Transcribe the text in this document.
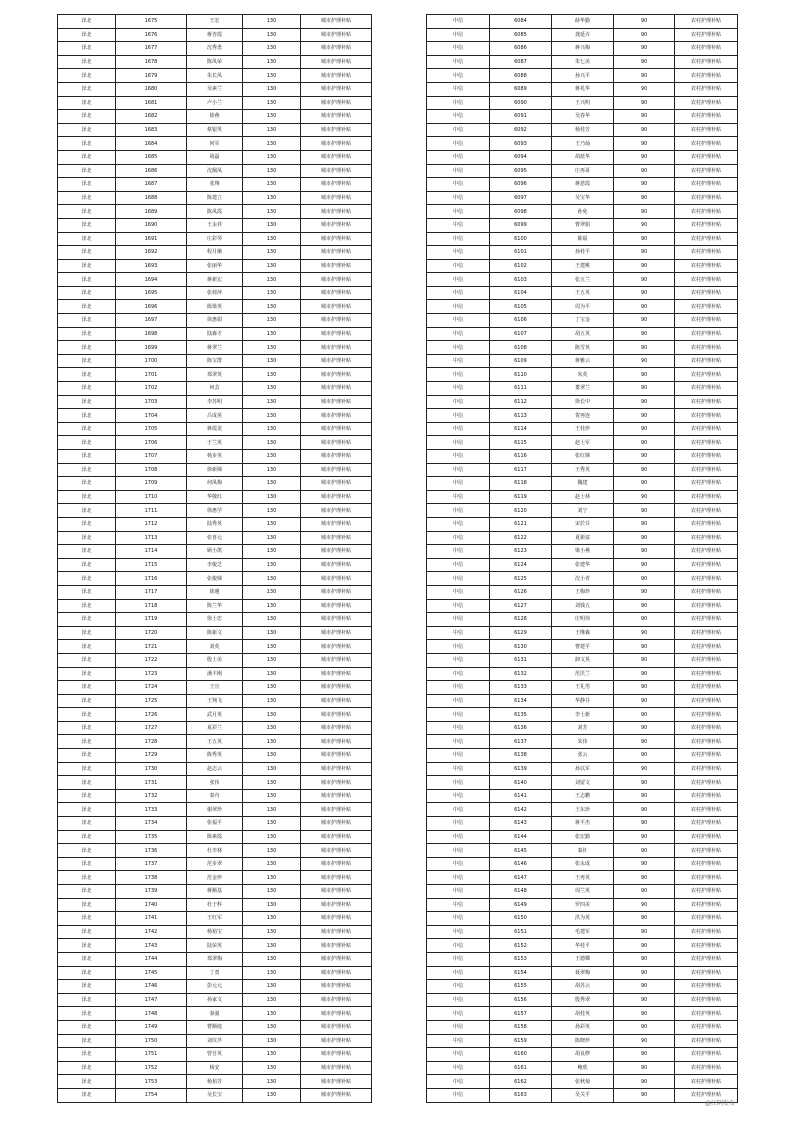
泽北	1675	王宏	130	城市护理补贴
泽北	1676	蒋杏霞	130	城市护理补贴
泽北	1677	沈秀勇	130	城市护理补贴
泽北	1678	陈凤荣	130	城市护理补贴
泽北	1679	朱长凤	130	城市护理补贴
泽北	1680	吴素兰	130	城市护理补贴
泽北	1681	卢小兰	130	城市护理补贴
泽北	1682	徐燕	130	城市护理补贴
泽北	1683	蔡银英	130	城市护理补贴
泽北	1684	何军	130	城市护理补贴
泽北	1685	胡磊	130	城市护理补贴
泽北	1686	沈佩凤	130	城市护理补贴
泽北	1687	张翔	130	城市护理补贴
泽北	1688	陈建立	130	城市护理补贴
泽北	1689	陈凤霞	130	城市护理补贴
泽北	1690	王永祥	130	城市护理补贴
泽北	1691	庄彩琴	130	城市护理补贴
泽北	1692	程月娥	130	城市护理补贴
泽北	1693	张丽华	130	城市护理补贴
泽北	1694	蒋新宏	130	城市护理补贴
泽北	1695	张荷萍	130	城市护理补贴
泽北	1696	陈梁英	130	城市护理补贴
泽北	1697	徐惠娟	130	城市护理补贴
泽北	1698	陆森才	130	城市护理补贴
泽北	1699	蒋翠兰	130	城市护理补贴
泽北	1700	陈宝群	130	城市护理补贴
泽北	1701	郑翠英	130	城市护理补贴
泽北	1702	何芸	130	城市护理补贴
泽北	1703	李苏明	130	城市护理补贴
泽北	1704	吕成英	130	城市护理补贴
泽北	1705	蒋霞龙	130	城市护理补贴
泽北	1706	于兰英	130	城市护理补贴
泽北	1707	杨步英	130	城市护理补贴
泽北	1708	徐新娣	130	城市护理补贴
泽北	1709	何凤梅	130	城市护理补贴
泽北	1710	华敬红	130	城市护理补贴
泽北	1711	徐惠学	130	城市护理补贴
泽北	1712	陆秀英	130	城市护理补贴
泽北	1713	张喜元	130	城市护理补贴
泽北	1714	顾小凯	130	城市护理补贴
泽北	1715	李俊芝	130	城市护理补贴
泽北	1716	张俊娣	130	城市护理补贴
泽北	1717	徐遇	130	城市护理补贴
泽北	1718	陈兰华	130	城市护理补贴
泽北	1719	徐士忠	130	城市护理补贴
泽北	1720	陈新文	130	城市护理补贴
泽北	1721	刘英	130	城市护理补贴
泽北	1722	殷士美	130	城市护理补贴
泽北	1723	潘丰刚	130	城市护理补贴
泽北	1724	王宣	130	城市护理补贴
泽北	1725	王翔飞	130	城市护理补贴
泽北	1726	武月英	130	城市护理补贴
泽北	1727	夏彩兰	130	城市护理补贴
泽北	1728	王五英	130	城市护理补贴
泽北	1729	陈秀英	130	城市护理补贴
泽北	1730	赵志云	130	城市护理补贴
泽北	1731	张伟	130	城市护理补贴
泽北	1732	秦舟	130	城市护理补贴
泽北	1733	谢翠珍	130	城市护理补贴
泽北	1734	张福平	130	城市护理补贴
泽北	1735	陈素霞	130	城市护理补贴
泽北	1736	杜李林	130	城市护理补贴
泽北	1737	范步翠	130	城市护理补贴
泽北	1738	范金珍	130	城市护理补贴
泽北	1739	蒋顺基	130	城市护理补贴
泽北	1740	杜于科	130	城市护理补贴
泽北	1741	王红军	130	城市护理补贴
泽北	1742	杨裕宝	130	城市护理补贴
泽北	1743	陆荣英	130	城市护理补贴
泽北	1744	郑翠梅	130	城市护理补贴
泽北	1745	丁勇	130	城市护理补贴
泽北	1746	彭元元	130	城市护理补贴
泽北	1747	孙家文	130	城市护理补贴
泽北	1748	秦强	130	城市护理补贴
泽北	1749	曹顺庭	130	城市护理补贴
泽北	1750	刘仪芹	130	城市护理补贴
泽北	1751	曾吾英	130	城市护理补贴
泽北	1752	杨安	130	城市护理补贴
泽北	1753	杨裕芳	130	城市护理补贴
泽北	1754	吴长宝	130	城市护理补贴
中信	6084	薛华勤	90	农村护理补贴
中信	6085	龚延卉	90	农村护理补贴
中信	6086	蒋兴梅	90	农村护理补贴
中信	6087	朱七美	90	农村护理补贴
中信	6088	孙兴平	90	农村护理补贴
中信	6089	蒋兆华	90	农村护理补贴
中信	6090	王兴明	90	农村护理补贴
中信	6091	吴春华	90	农村护理补贴
中信	6092	杨桂芳	90	农村护理补贴
中信	6093	王乃灿	90	农村护理补贴
中信	6094	胡蓝华	90	农村护理补贴
中信	6095	庄再哥	90	农村护理补贴
中信	6096	蒋恩霞	90	农村护理补贴
中信	6097	吴宝华	90	农村护理补贴
中信	6098	孙免	90	农村护理补贴
中信	6099	曹翠娟	90	农村护理补贴
中信	6100	陈福	90	农村护理补贴
中信	6101	孙桂平	90	农村护理补贴
中信	6102	王建桃	90	农村护理补贴
中信	6103	张五兰	90	农村护理补贴
中信	6104	王五英	90	农村护理补贴
中信	6105	周为平	90	农村护理补贴
中信	6106	丁宝金	90	农村护理补贴
中信	6107	胡五英	90	农村护理补贴
中信	6108	陈雪英	90	农村护理补贴
中信	6109	蒋雅云	90	农村护理补贴
中信	6110	朱英	90	农村护理补贴
中信	6111	董翠兰	90	农村护理补贴
中信	6112	徐长中	90	农村护理补贴
中信	6113	贺再连	90	农村护理补贴
中信	6114	王桂珍	90	农村护理补贴
中信	6115	赵士军	90	农村护理补贴
中信	6116	张红娣	90	农村护理补贴
中信	6117	王秀英	90	农村护理补贴
中信	6118	魏建	90	农村护理补贴
中信	6119	赵士林	90	农村护理补贴
中信	6120	刘宁	90	农村护理补贴
中信	6121	宋於芬	90	农村护理补贴
中信	6122	夏新富	90	农村护理补贴
中信	6123	梁小燕	90	农村护理补贴
中信	6124	张建华	90	农村护理补贴
中信	6125	沈小青	90	农村护理补贴
中信	6126	王梅珍	90	农村护理补贴
中信	6127	刘钱五	90	农村护理补贴
中信	6128	庄明伟	90	农村护理补贴
中信	6129	王继森	90	农村护理补贴
中信	6130	曹建平	90	农村护理补贴
中信	6131	卸文英	90	农村护理补贴
中信	6132	范沃兰	90	农村护理补贴
中信	6133	王礼男	90	农村护理补贴
中信	6134	华静芬	90	农村护理补贴
中信	6135	李士新	90	农村护理补贴
中信	6136	刘芳	90	农村护理补贴
中信	6137	朱伟	90	农村护理补贴
中信	6138	张云	90	农村护理补贴
中信	6139	孙以军	90	农村护理补贴
中信	6140	刘留文	90	农村护理补贴
中信	6141	王志鹏	90	农村护理补贴
中信	6142	王东珍	90	农村护理补贴
中信	6143	蒋平杰	90	农村护理补贴
中信	6144	张宏勤	90	农村护理补贴
中信	6145	秦针	90	农村护理补贴
中信	6146	张永成	90	农村护理补贴
中信	6147	王再英	90	农村护理补贴
中信	6148	周兰英	90	农村护理补贴
中信	6149	罗四美	90	农村护理补贴
中信	6150	洪为英	90	农村护理补贴
中信	6151	毛建军	90	农村护理补贴
中信	6152	华桂平	90	农村护理补贴
中信	6153	王德卿	90	农村护理补贴
中信	6154	聂翠梅	90	农村护理补贴
中信	6155	胡苏云	90	农村护理补贴
中信	6156	殷秀翠	90	农村护理补贴
中信	6157	胡桂英	90	农村护理补贴
中信	6158	孙彩英	90	农村护理补贴
中信	6159	陈晓珍	90	农村护理补贴
中信	6160	胡良修	90	农村护理补贴
中信	6161	鲍欣	90	农村护理补贴
中信	6162	张秋菊	90	农村护理补贴
中信	6163	吴关平	90	农村护理补贴
@江阴发布
